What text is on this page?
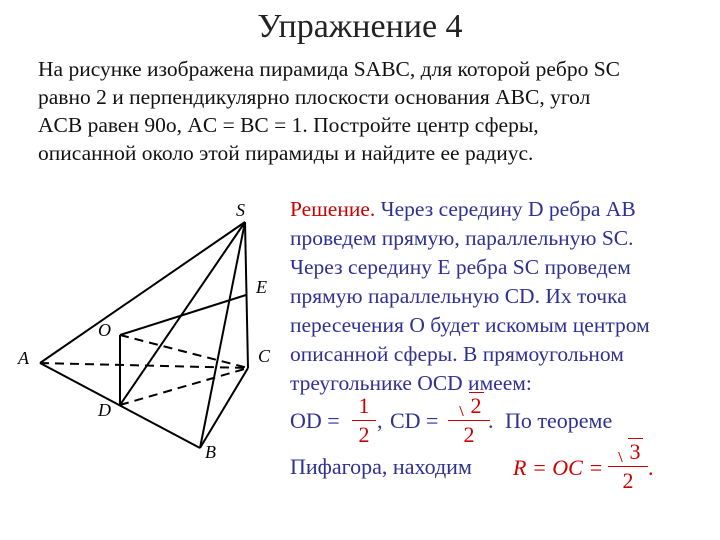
Упражнение 4
На рисунке изображена пирамида SABC, для которой ребро SC
равно 2 и перпендикулярно плоскости основания ABC, угол
ACB равен 90о, AC = BC = 1. Постройте центр сферы,
описанной около этой пирамиды и найдите ее радиус.
S
E
O
A	C
D
B
Решение. Через середину D ребра AB
проведем прямую, параллельную SC.
Через середину E ребра SC проведем
прямую параллельную CD. Их точка
пересечения O будет искомым центром
описанной сферы. В прямоугольном
треугольнике OCD имеем:
OD =
1
2
, CD =
2
2
. По теореме
Пифагора, находим R = OC =
3
2
.
